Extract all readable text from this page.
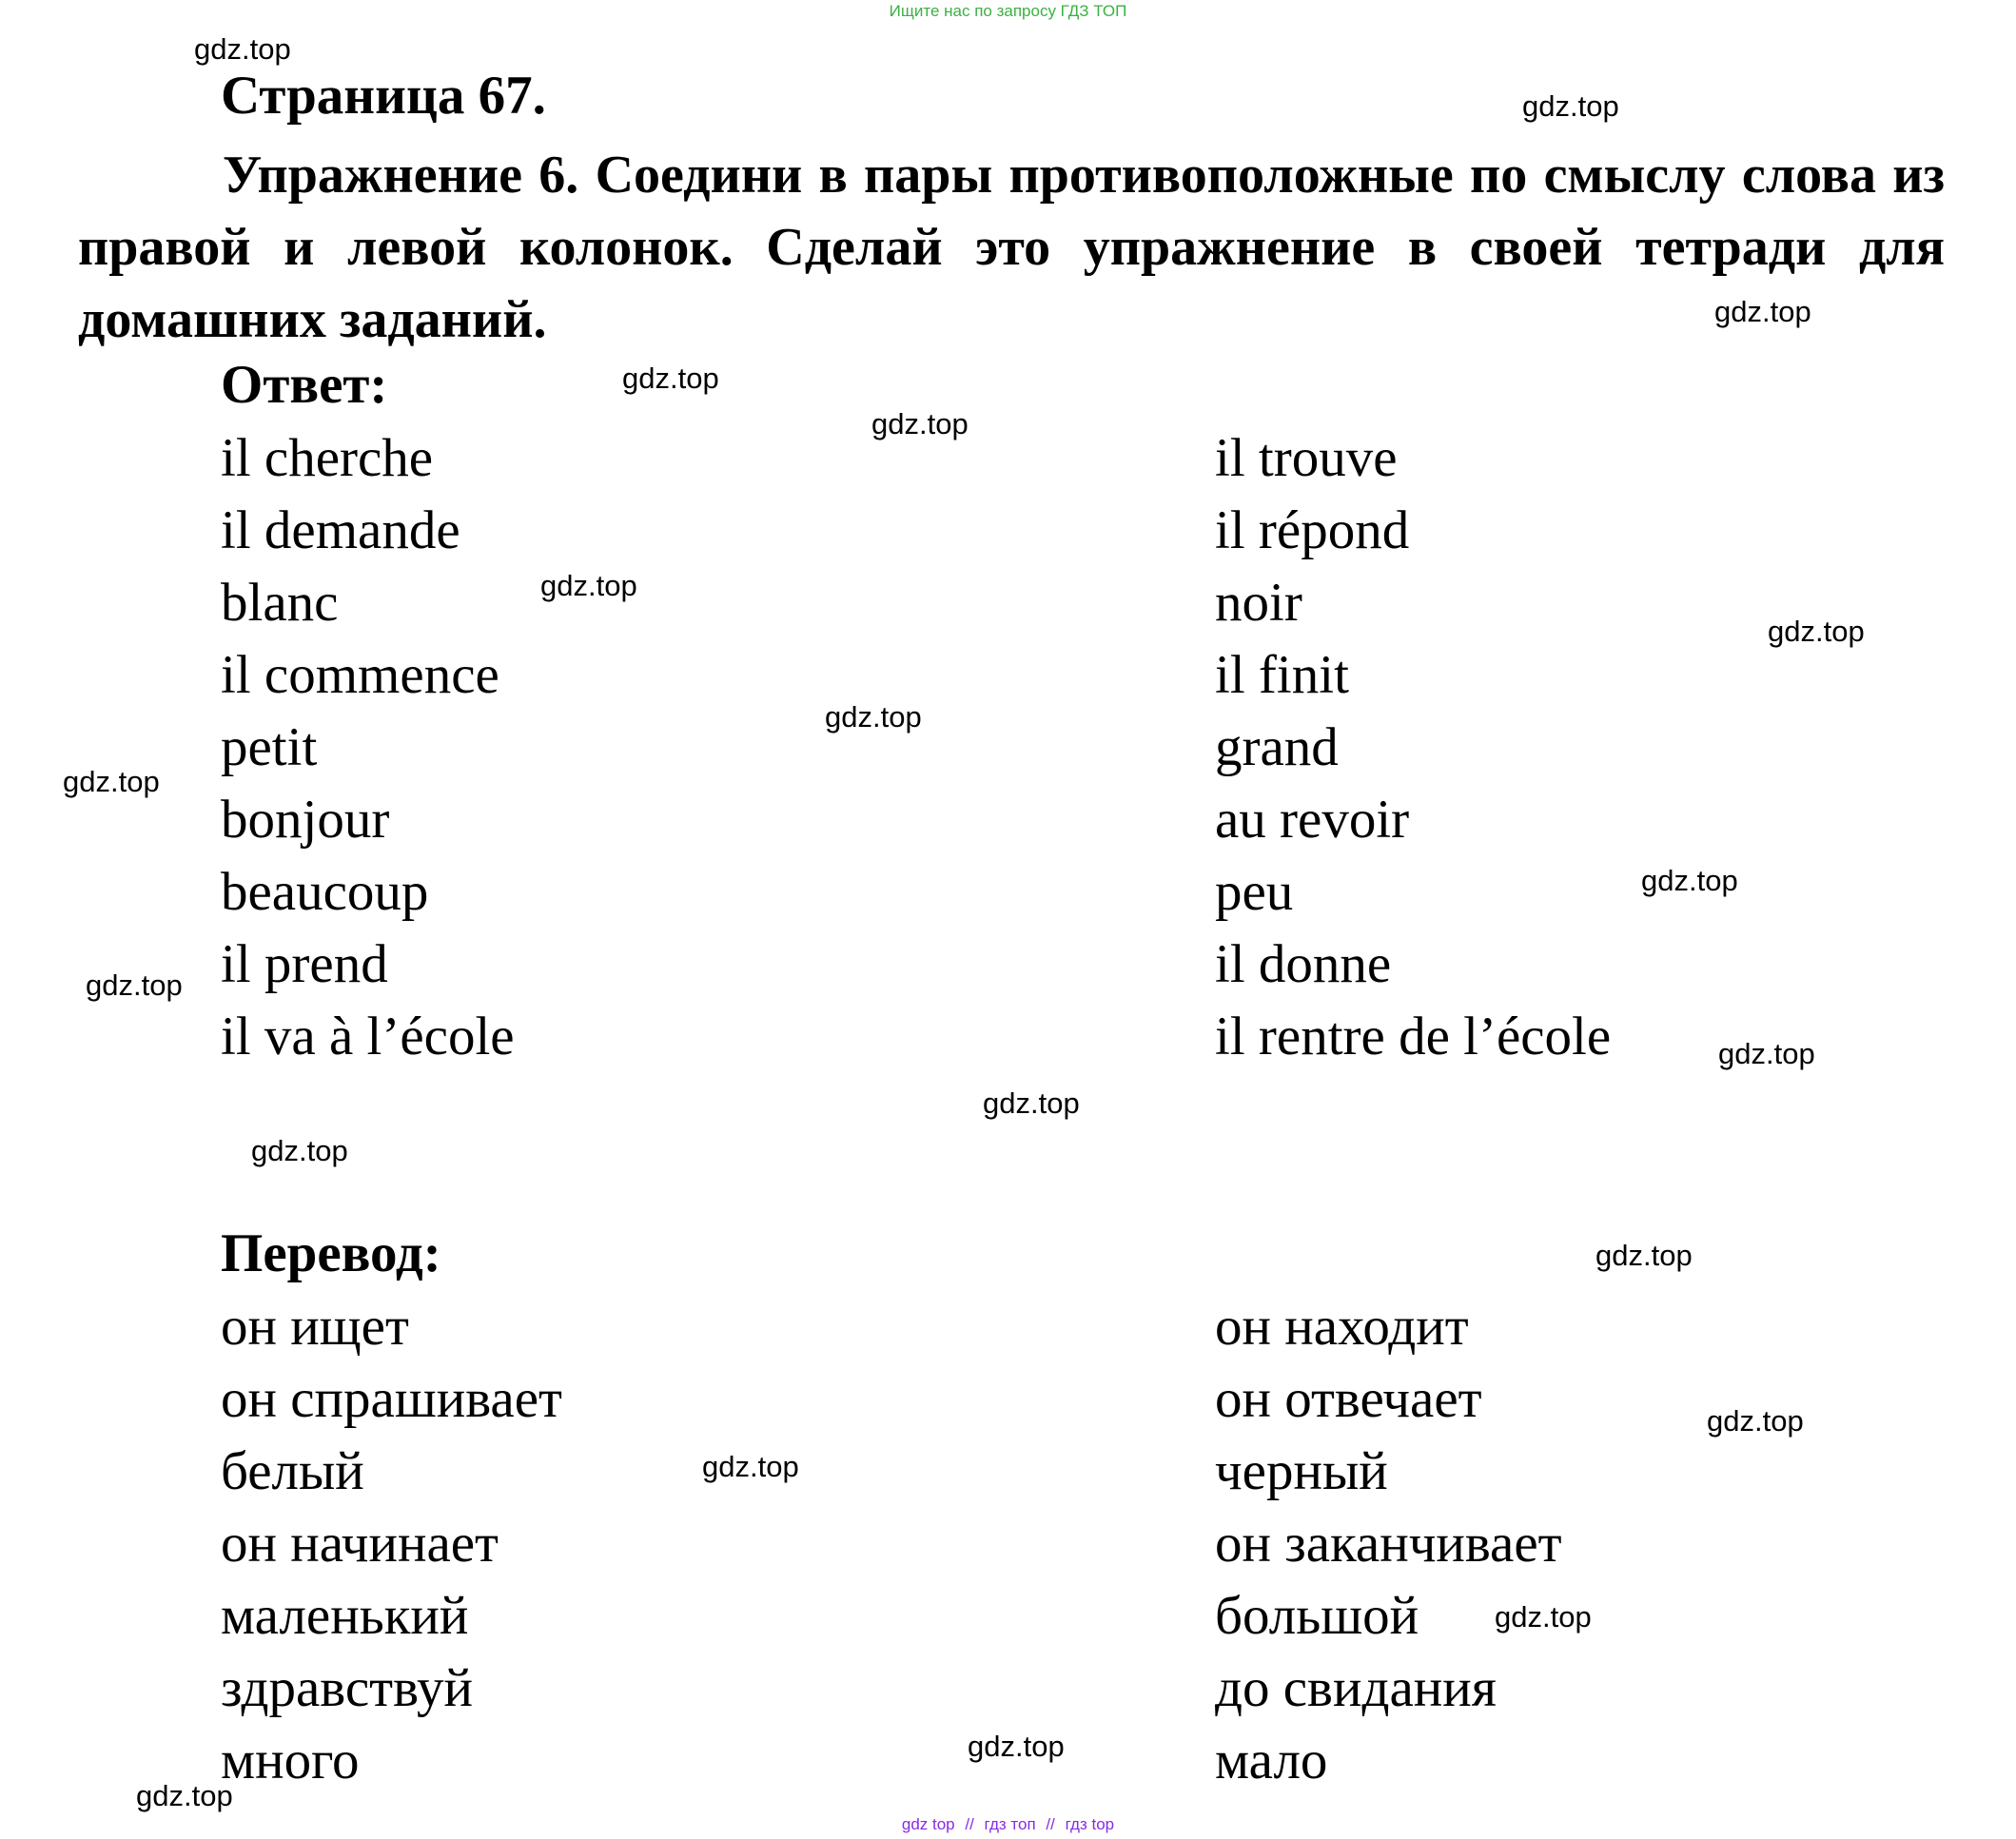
Ищите нас по запросу ГДЗ ТОП
Страница 67.
Упражнение 6. Соедини в пары противоположные по смыслу слова из правой и левой колонок. Сделай это упражнение в своей тетради для домашних заданий.
Ответ:
il cherche
il demande
blanc
il commence
petit
bonjour
beaucoup
il prend
il va à l’école
il trouve
il répond
noir
il finit
grand
au revoir
peu
il donne
il rentre de l’école
Перевод:
он ищет
он спрашивает
белый
он начинает
маленький
здравствуй
много
он находит
он отвечает
черный
он заканчивает
большой
до свидания
мало
gdz.top
gdz.top
gdz.top
gdz.top
gdz.top
gdz.top
gdz.top
gdz.top
gdz.top
gdz.top
gdz.top
gdz.top
gdz.top
gdz.top
gdz.top
gdz.top
gdz.top
gdz.top
gdz.top
gdz.top
gdz top // гдз топ // гдз top
